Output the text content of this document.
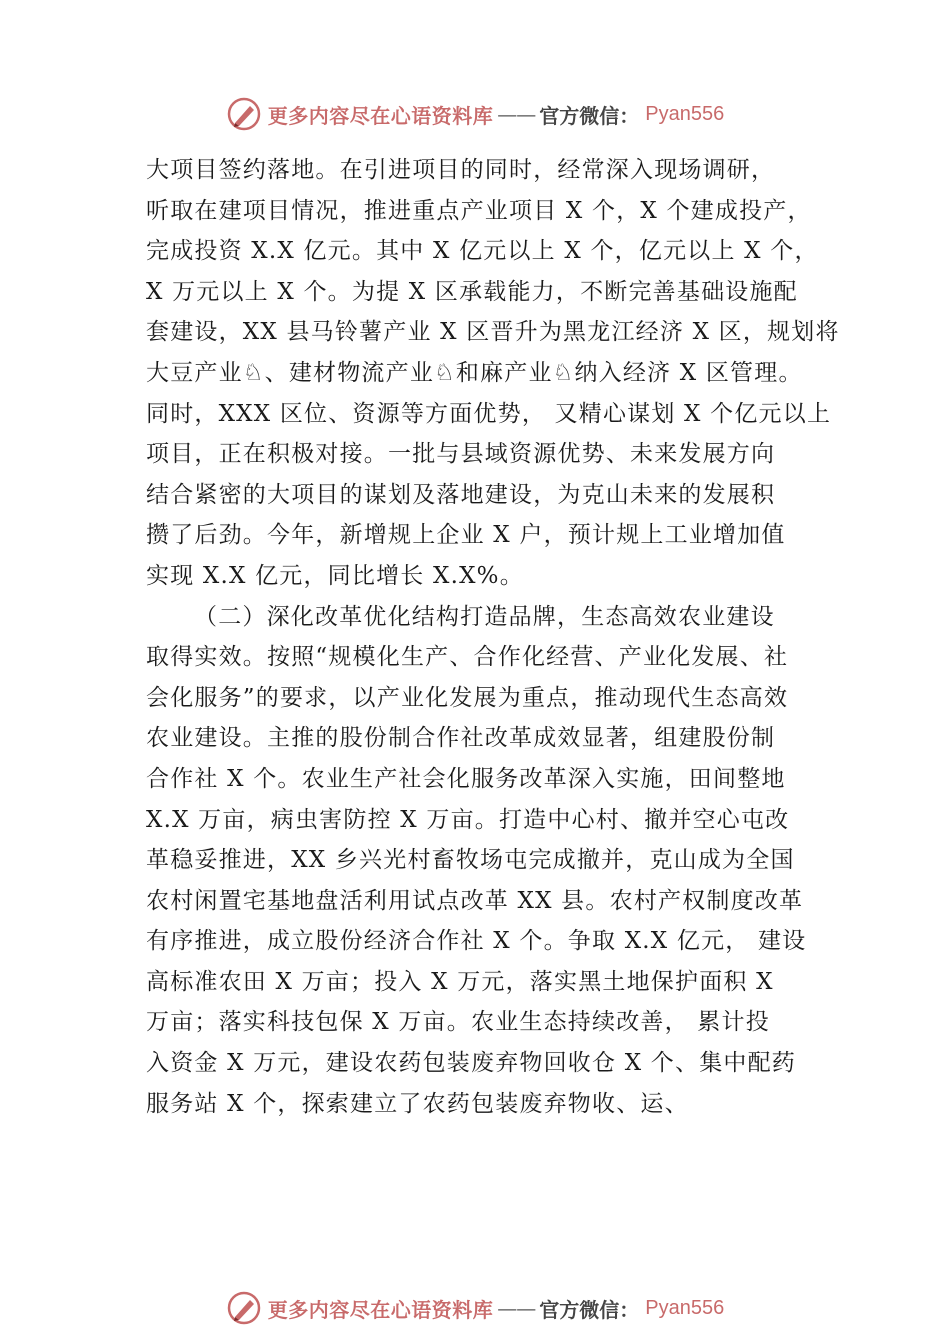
更多内容尽在心语资料库 —— 官方微信： Pyan556
大项目签约落地。在引进项目的同时，经常深入现场调研，
听取在建项目情况，推进重点产业项目 X 个，X 个建成投产，
完成投资 X.X 亿元。其中 X 亿元以上 X 个，亿元以上 X 个，
X 万元以上 X 个。为提 X 区承载能力，不断完善基础设施配
套建设，XX 县马铃薯产业 X 区晋升为黑龙江经济 X 区，规划将
大豆产业♘、建材物流产业♘和麻产业♘纳入经济 X 区管理。
同时，XXX 区位、资源等方面优势， 又精心谋划 X 个亿元以上
项目，正在积极对接。一批与县域资源优势、未来发展方向
结合紧密的大项目的谋划及落地建设，为克山未来的发展积
攒了后劲。今年，新增规上企业 X 户，预计规上工业增加值
实现 X.X 亿元，同比增长 X.X%。
（二）深化改革优化结构打造品牌，生态高效农业建设
取得实效。按照“规模化生产、合作化经营、产业化发展、社
会化服务”的要求，以产业化发展为重点，推动现代生态高效
农业建设。主推的股份制合作社改革成效显著，组建股份制
合作社 X 个。农业生产社会化服务改革深入实施，田间整地
X.X 万亩，病虫害防控 X 万亩。打造中心村、撤并空心屯改
革稳妥推进，XX 乡兴光村畜牧场屯完成撤并，克山成为全国
农村闲置宅基地盘活利用试点改革 XX 县。农村产权制度改革
有序推进，成立股份经济合作社 X 个。争取 X.X 亿元， 建设
高标准农田 X 万亩；投入 X 万元，落实黑土地保护面积 X
万亩；落实科技包保 X 万亩。农业生态持续改善， 累计投
入资金 X 万元，建设农药包装废弃物回收仓 X 个、集中配药
服务站 X 个，探索建立了农药包装废弃物收、运、
更多内容尽在心语资料库 —— 官方微信： Pyan556
